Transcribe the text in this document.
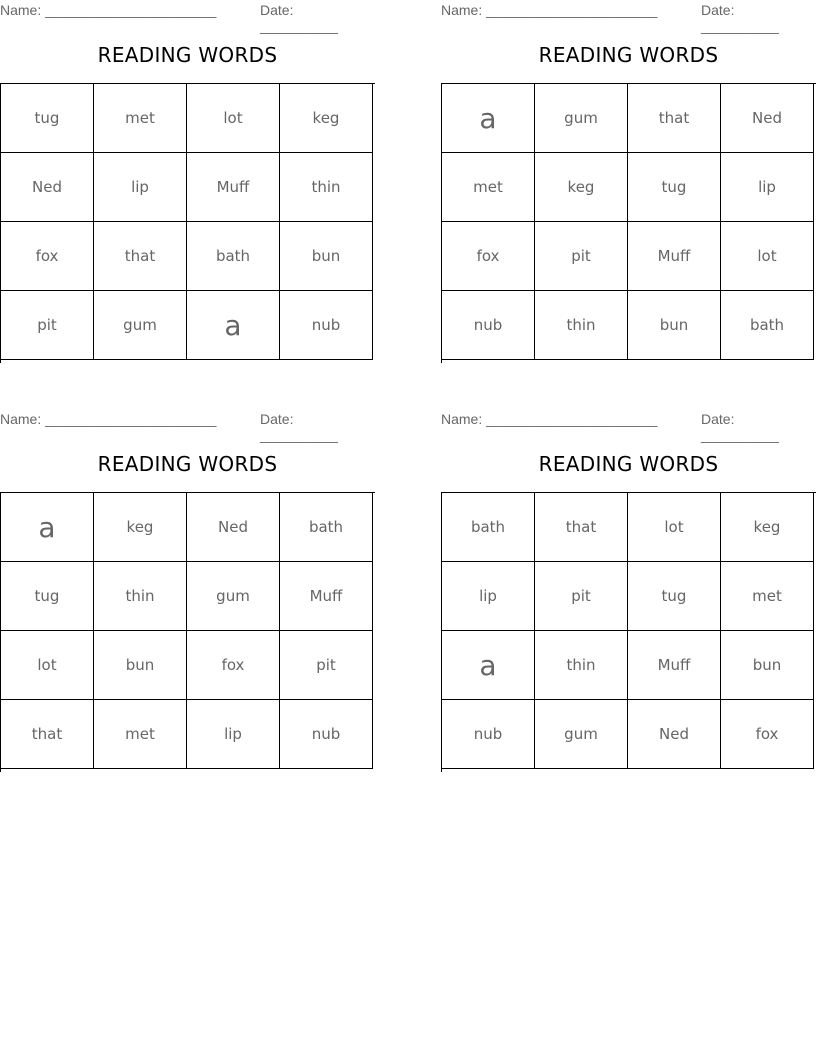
Name: ______________________	Date: __________
READING WORDS
tug	met	lot	keg
Ned	lip	Muff	thin
fox	that	bath	bun
pit	gum	a	nub
Name: ______________________	Date: __________
READING WORDS
a	gum	that	Ned
met	keg	tug	lip
fox	pit	Muff	lot
nub	thin	bun	bath
Name: ______________________	Date: __________
READING WORDS
a	keg	Ned	bath
tug	thin	gum	Muff
lot	bun	fox	pit
that	met	lip	nub
Name: ______________________	Date: __________
READING WORDS
bath	that	lot	keg
lip	pit	tug	met
a	thin	Muff	bun
nub	gum	Ned	fox
